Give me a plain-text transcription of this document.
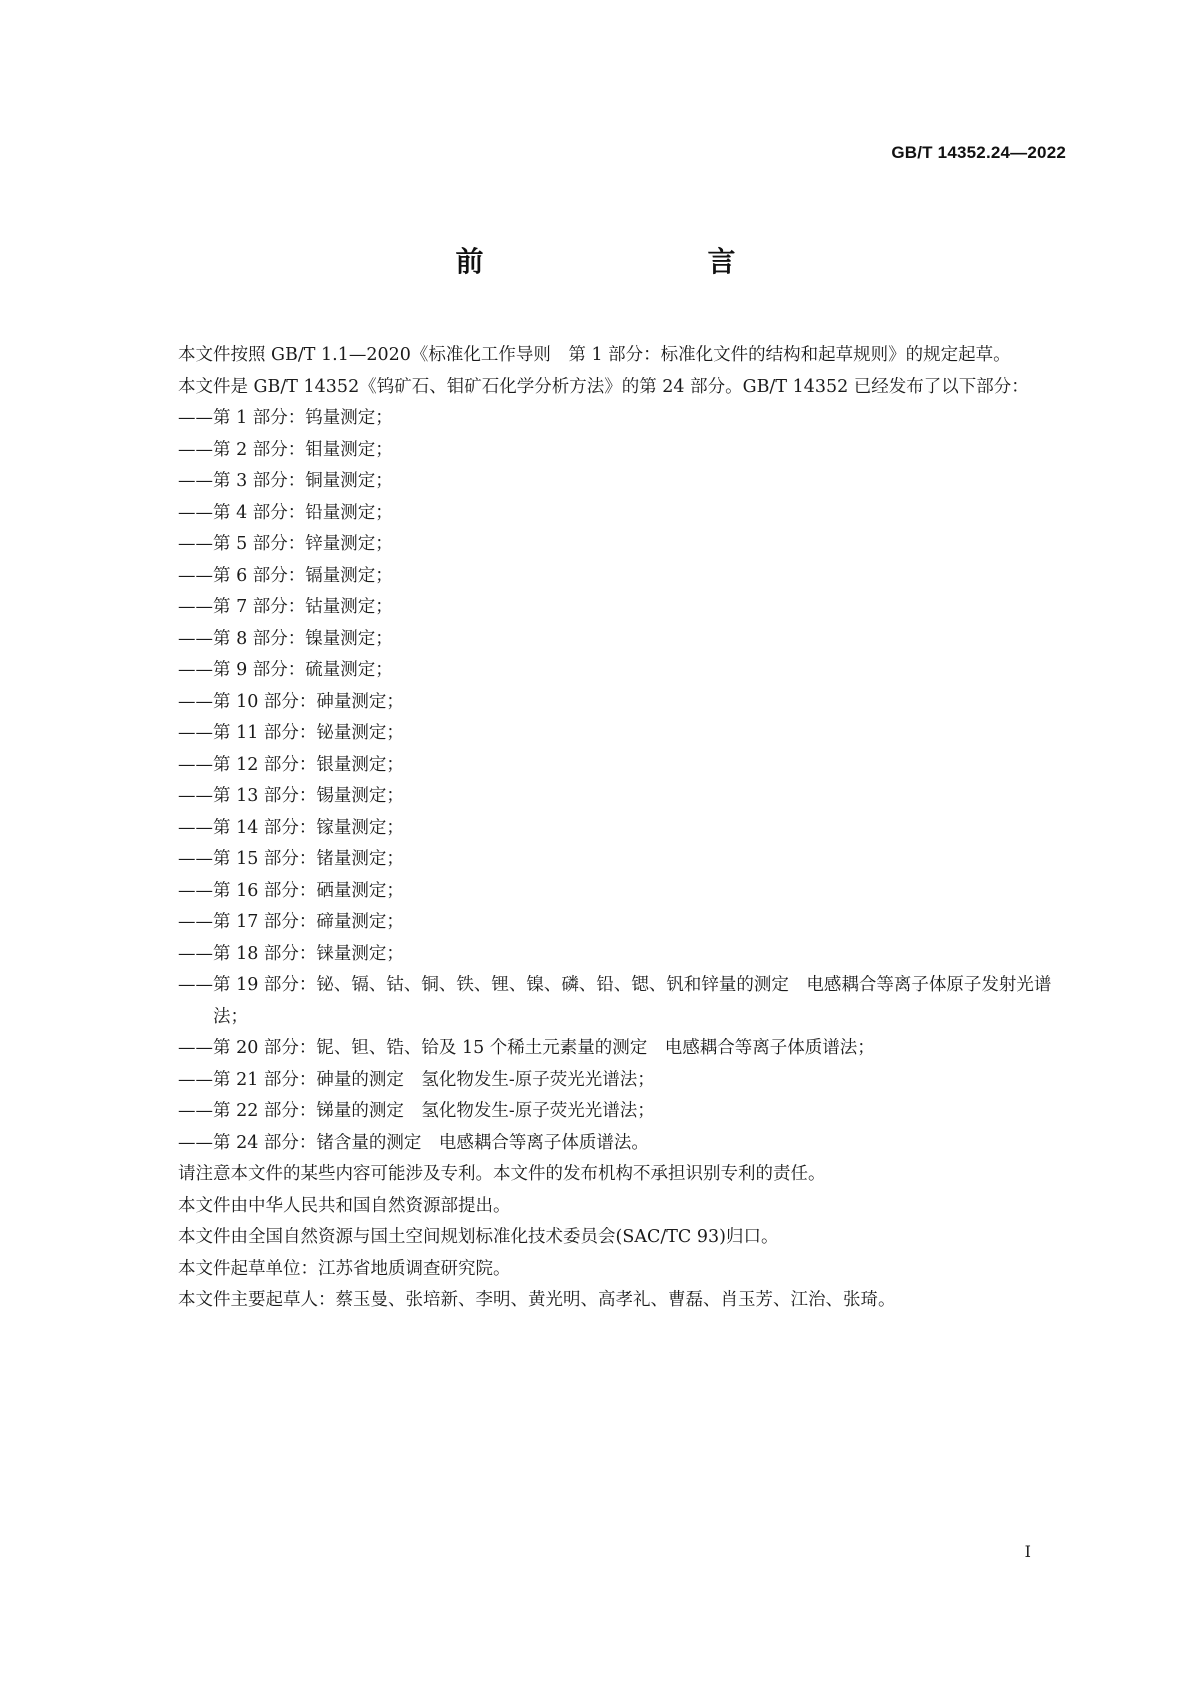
GB/T 14352.24—2022
前　　言

本文件按照 GB/T 1.1—2020《标准化工作导则　第 1 部分：标准化文件的结构和起草规则》的规定起草。

本文件是 GB/T 14352《钨矿石、钼矿石化学分析方法》的第 24 部分。GB/T 14352 已经发布了以下部分：

—— 第 1 部分：钨量测定；
—— 第 2 部分：钼量测定；
—— 第 3 部分：铜量测定；
—— 第 4 部分：铅量测定；
—— 第 5 部分：锌量测定；
—— 第 6 部分：镉量测定；
—— 第 7 部分：钴量测定；
—— 第 8 部分：镍量测定；
—— 第 9 部分：硫量测定；
—— 第 10 部分：砷量测定；
—— 第 11 部分：铋量测定；
—— 第 12 部分：银量测定；
—— 第 13 部分：锡量测定；
—— 第 14 部分：镓量测定；
—— 第 15 部分：锗量测定；
—— 第 16 部分：硒量测定；
—— 第 17 部分：碲量测定；
—— 第 18 部分：铼量测定；
—— 第 19 部分：铋、镉、钴、铜、铁、锂、镍、磷、铅、锶、钒和锌量的测定　电感耦合等离子体原子发射光谱法；
—— 第 20 部分：铌、钽、锆、铪及 15 个稀土元素量的测定　电感耦合等离子体质谱法；
—— 第 21 部分：砷量的测定　氢化物发生-原子荧光光谱法；
—— 第 22 部分：锑量的测定　氢化物发生-原子荧光光谱法；
—— 第 24 部分：锗含量的测定　电感耦合等离子体质谱法。

请注意本文件的某些内容可能涉及专利。本文件的发布机构不承担识别专利的责任。

本文件由中华人民共和国自然资源部提出。

本文件由全国自然资源与国土空间规划标准化技术委员会(SAC/TC 93)归口。

本文件起草单位：江苏省地质调查研究院。

本文件主要起草人：蔡玉曼、张培新、李明、黄光明、高孝礼、曹磊、肖玉芳、江治、张琦。

I
